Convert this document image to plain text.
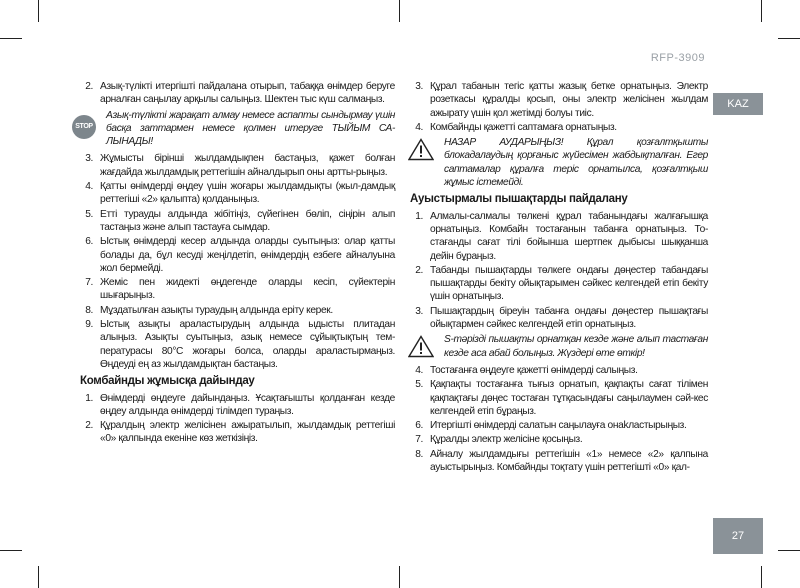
RFP-3909
KAZ
27
2. Азық-түлікті итергішті пайдалана отырып, табаққа өнімдер беруге арналған саңылау арқылы салыңыз. Шектен тыс күш салмаңыз.
STOP
Азық-түлікті жарақат алмау немесе аспапты сындырмау үшін басқа заттармен немесе қолмен итеруге ТЫЙЫМ СА-ЛЫНАДЫ!
3. Жұмысты бірінші жылдамдықпен бастаңыз, қажет болған жағдайда жылдамдық реттегішін айналдырып оны артты-рыңыз.
4. Қатты өнімдерді өңдеу үшін жоғары жылдамдықты (жыл-дамдық реттегіші «2» қалыпта) қолданыңыз.
5. Етті турауды алдында жібітіңіз, сүйегінен бөліп, сіңірін алып тастаңыз және алып тастауға сымдар.
6. Ыстық өнімдерді кесер алдында оларды суытыңыз: олар қатты болады да, бұл кесуді жеңілдетіп, өнімдердің езбеге айналуына жол бермейді.
7. Жеміс пен жидекті өңдегенде оларды кесіп, сүйектерін шығарыңыз.
8. Мұздатылған азықты турaудың алдында еріту керек.
9. Ыстық азықты араластырудың алдында ыдысты плитадан алыңыз. Азықты суытыңыз, азық немесе сұйықтықтың тем-пературасы 80°С жоғары болса, оларды араластырмаңыз. Өңдеуді ең аз жылдамдықтан бастаңыз.
Комбайнды жұмысқа дайындау
1. Өнімдерді өңдеуге дайындаңыз. Ұсақтағышты қолданған кезде өңдеу алдында өнімдерді тілімдеп тураңыз.
2. Құралдың электр желісінен ажыратылып, жылдамдық реттегіші «0» қалпында екеніне көз жеткізіңіз.
3. Құрал табанын тегіс қатты жазық бетке орнатыңыз. Электр розеткасы құралды қосып, оны электр желісінен жылдам ажырату үшін қол жетімді болуы тиіс.
4. Комбайнды қажетті саптамаға орнатыңыз.
НАЗАР АУДАРЫҢЫЗ! Құрал қозғалтқышты блокадалаудың қорғаныс жүйесімен жабдықталған. Егер саптамалар құралға теріс орнатылса, қозғалтқыш жұмыс істемейді.
Ауыстырмалы пышақтарды пайдалану
1. Алмалы-салмалы төлкені құрал табанындағы жалғағышқа орнатыңыз. Комбайн тостағанын табанға орнатыңыз. То-стағанды сағат тілі бойынша шертпек дыбысы шыққанша дейін бұраңыз.
2. Табанды пышақтарды төлкеге ондағы дөңестер табандағы пышақтарды бекіту ойықтарымен сәйкес келгендей етіп бекіту үшін орнатыңыз.
3. Пышақтардың біреуін табанға ондағы дөңестер пышақтағы ойықтармен сәйкес келгендей етіп орнатыңыз.
S-тәрізді пышақты орнатқан кезде және алып тастаған кезде аса абай болыңыз. Жүздері өте өткір!
4. Тостағанға өңдеуге қажетті өнімдерді салыңыз.
5. Қақпақты тостағанға тығыз орнатып, қақпақты сағат тілімен қақпақтағы дөңес тостаған тұтқасындағы саңылаумен сәй-кес келгендей етіп бұраңыз.
6. Итергішті өнімдерді салатын саңылауға онаkластырыңыз.
7. Құралды электр желісіне қосыңыз.
8. Айналу жылдамдығы реттегішін «1» немесе «2» қалпына ауыстырыңыз. Комбайнды тоқтату үшін реттегішті «0» қал-
